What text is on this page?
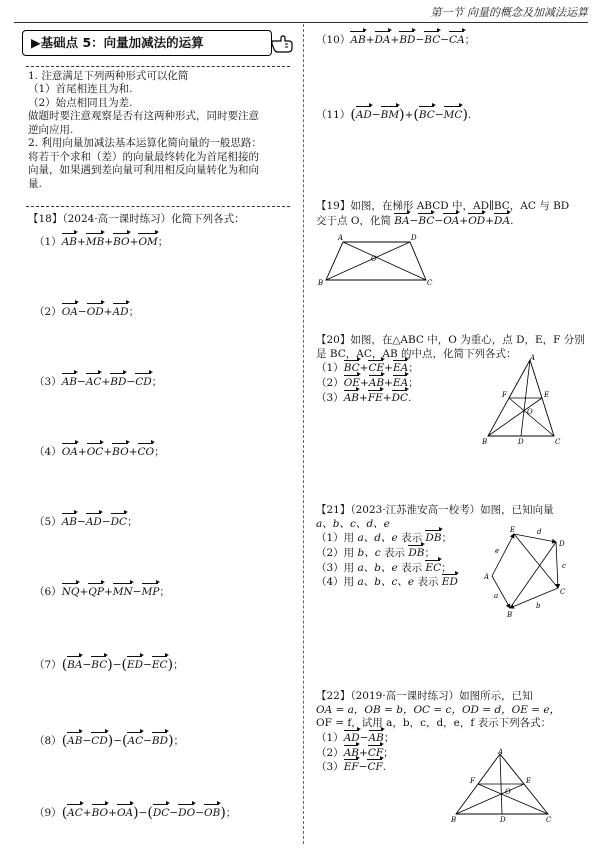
第一节 向量的概念及加减法运算
▶基础点 5：向量加减法的运算
1. 注意满足下列两种形式可以化简
（1）首尾相连且为和.
（2）始点相同且为差.
做题时要注意观察是否有这两种形式，同时要注意
逆向应用.
2. 利用向量加减法基本运算化简向量的一般思路：
将若干个求和（差）的向量最终转化为首尾相接的
向量，如果遇到差向量可利用相反向量转化为和向
量.
【18】（2024·高一课时练习）化简下列各式：
（1）AB+MB+BO+OM；
（2）OA−OD+AD；
（3）AB−AC+BD−CD；
（4）OA+OC+BO+CO；
（5）AB−AD−DC；
（6）NQ+QP+MN−MP；
（7）(BA−BC)−(ED−EC)；
（8）(AB−CD)−(AC−BD)；
（9）(AC+BO+OA)−(DC−DO−OB)；
（10）AB+DA+BD−BC−CA；
（11）(AD−BM)+(BC−MC).
【19】如图，在梯形 ABCD 中，AD∥BC，AC 与 BD
交于点 O，化简 BA−BC−OA+OD+DA.
A	D
B	C
O
【20】如图，在△ABC 中，O 为重心，点 D，E，F 分别
是 BC，AC，AB 的中点，化简下列各式：
（1）BC+CE+EA；
（2）OE+AB+EA；
（3）AB+FE+DC.
A
B	C
D
E
F
O
【21】（2023·江苏淮安高一校考）如图，已知向量
a、b、c、d、e
（1）用 a、d、e 表示 DB；
（2）用 b、c 表示 DB；
（3）用 a、b、e 表示 EC；
（4）用 a、b、c、e 表示 ED
E
D
C
B
A
d
c
b
a
e
【22】（2019·高一课时练习）如图所示，已知
OA = a，OB = b，OC = c，OD = d，OE = e，
OF = f，试用 a，b，c，d，e，f 表示下列各式：
（1）AD−AB；
（2）AB+CF；
（3）EF−CF.
A
B	C
D
E
F
O
